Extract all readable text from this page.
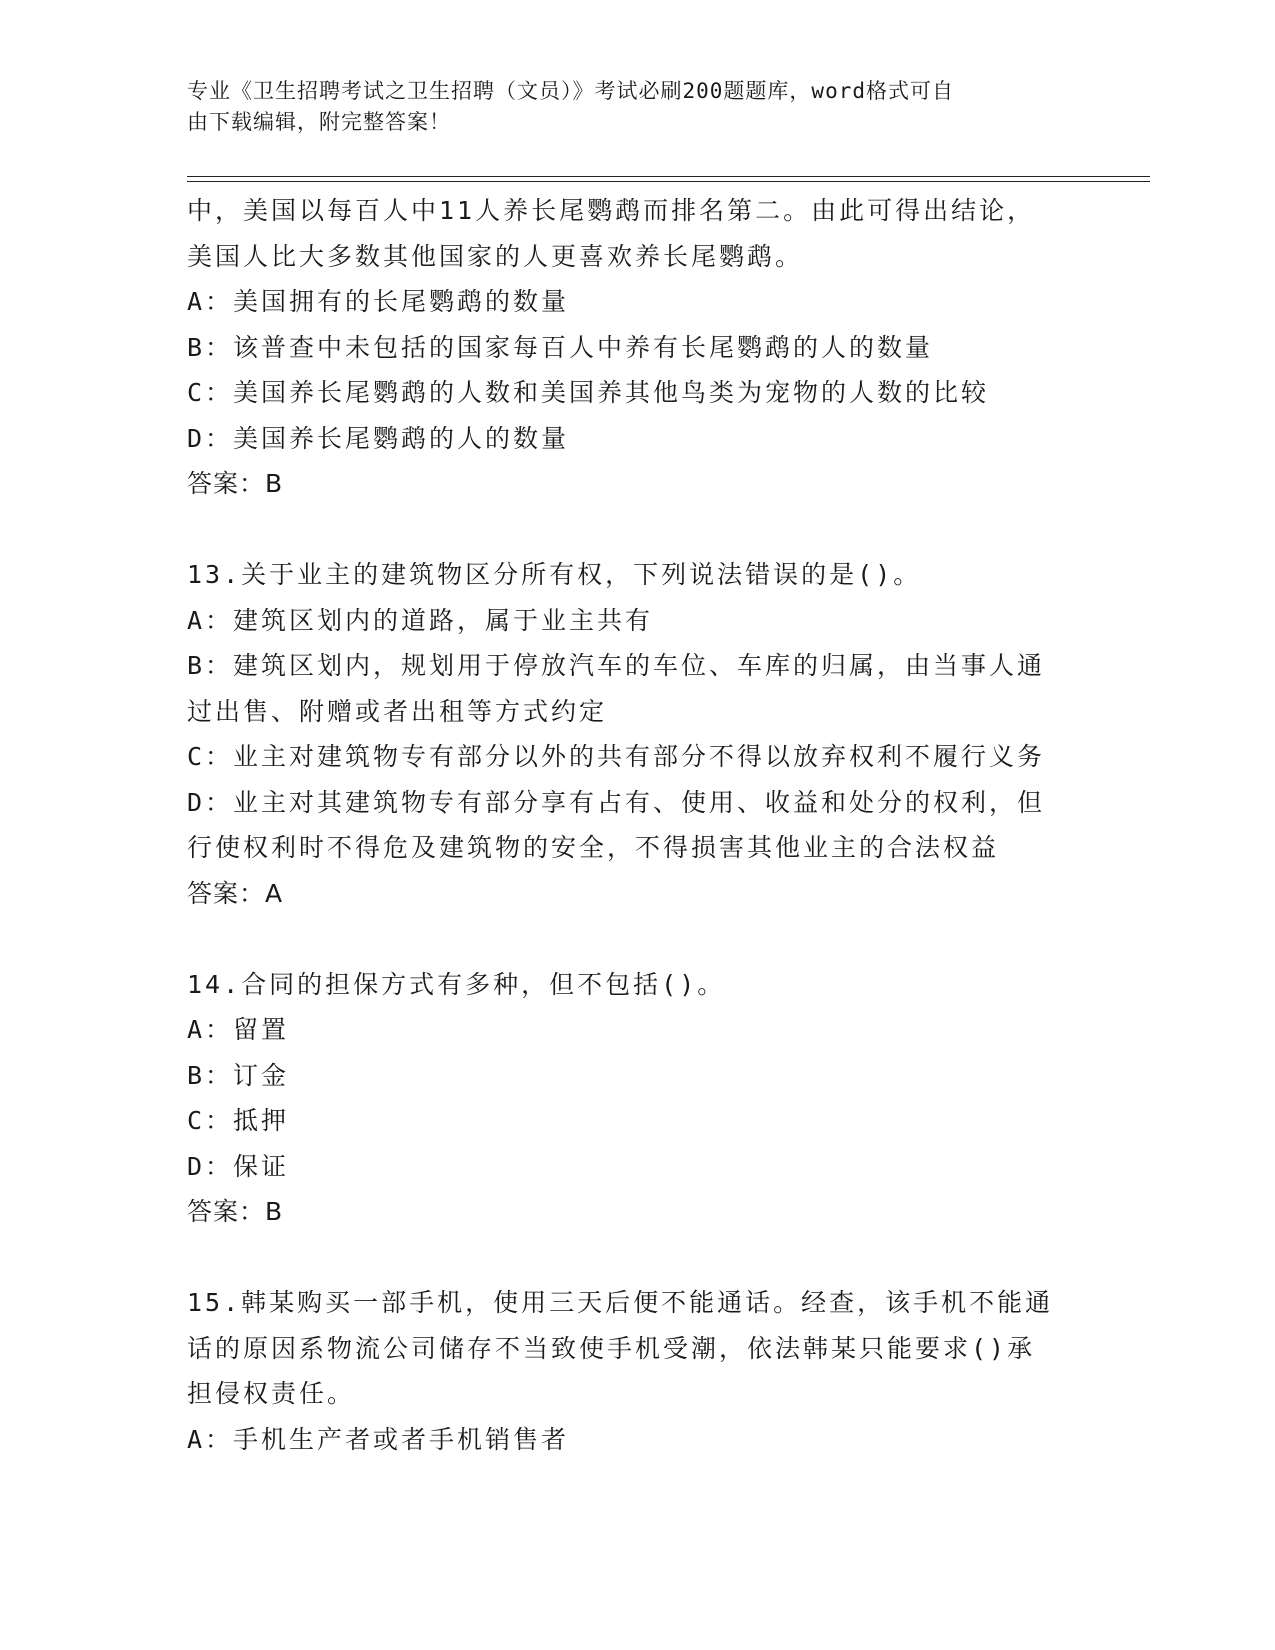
专业《卫生招聘考试之卫生招聘（文员）》考试必刷200题题库，word格式可自
由下载编辑，附完整答案！
中，美国以每百人中11人养长尾鹦鹉而排名第二。由此可得出结论，
美国人比大多数其他国家的人更喜欢养长尾鹦鹉。
A：美国拥有的长尾鹦鹉的数量
B：该普查中未包括的国家每百人中养有长尾鹦鹉的人的数量
C：美国养长尾鹦鹉的人数和美国养其他鸟类为宠物的人数的比较
D：美国养长尾鹦鹉的人的数量
答案：B
13.关于业主的建筑物区分所有权，下列说法错误的是()。
A：建筑区划内的道路，属于业主共有
B：建筑区划内，规划用于停放汽车的车位、车库的归属，由当事人通
过出售、附赠或者出租等方式约定
C：业主对建筑物专有部分以外的共有部分不得以放弃权利不履行义务
D：业主对其建筑物专有部分享有占有、使用、收益和处分的权利，但
行使权利时不得危及建筑物的安全，不得损害其他业主的合法权益
答案：A
14.合同的担保方式有多种，但不包括()。
A：留置
B：订金
C：抵押
D：保证
答案：B
15.韩某购买一部手机，使用三天后便不能通话。经查，该手机不能通
话的原因系物流公司储存不当致使手机受潮，依法韩某只能要求()承
担侵权责任。
A：手机生产者或者手机销售者
